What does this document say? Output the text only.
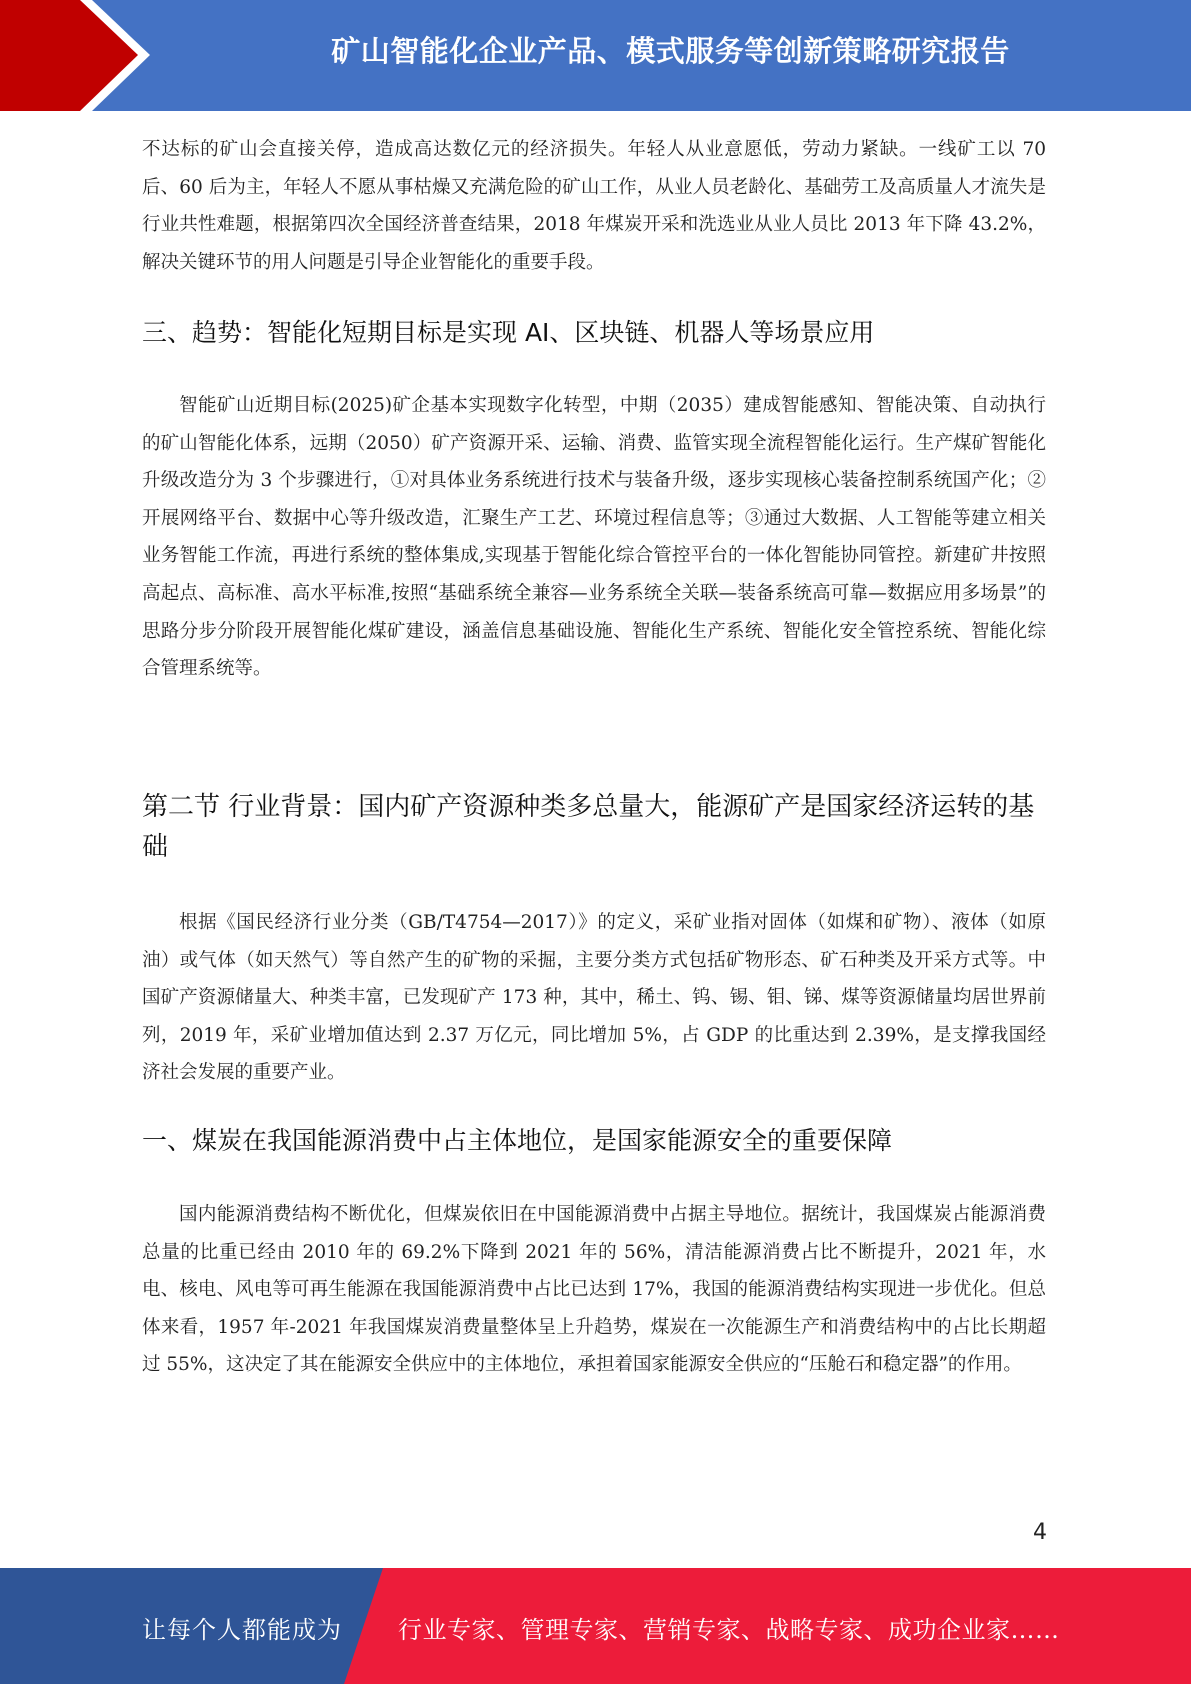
矿山智能化企业产品、模式服务等创新策略研究报告

不达标的矿山会直接关停，造成高达数亿元的经济损失。年轻人从业意愿低，劳动力紧缺。一线矿工以 70 后、60 后为主，年轻人不愿从事枯燥又充满危险的矿山工作，从业人员老龄化、基础劳工及高质量人才流失是行业共性难题，根据第四次全国经济普查结果，2018 年煤炭开采和洗选业从业人员比 2013 年下降 43.2%，解决关键环节的用人问题是引导企业智能化的重要手段。

三、趋势：智能化短期目标是实现 AI、区块链、机器人等场景应用

智能矿山近期目标(2025)矿企基本实现数字化转型，中期（2035）建成智能感知、智能决策、自动执行的矿山智能化体系，远期（2050）矿产资源开采、运输、消费、监管实现全流程智能化运行。生产煤矿智能化升级改造分为 3 个步骤进行，①对具体业务系统进行技术与装备升级，逐步实现核心装备控制系统国产化；②开展网络平台、数据中心等升级改造，汇聚生产工艺、环境过程信息等；③通过大数据、人工智能等建立相关业务智能工作流，再进行系统的整体集成,实现基于智能化综合管控平台的一体化智能协同管控。新建矿井按照高起点、高标准、高水平标准,按照“基础系统全兼容—业务系统全关联—装备系统高可靠—数据应用多场景”的思路分步分阶段开展智能化煤矿建设，涵盖信息基础设施、智能化生产系统、智能化安全管控系统、智能化综合管理系统等。

第二节 行业背景：国内矿产资源种类多总量大，能源矿产是国家经济运转的基础

根据《国民经济行业分类（GB/T4754—2017）》的定义，采矿业指对固体（如煤和矿物）、液体（如原油）或气体（如天然气）等自然产生的矿物的采掘，主要分类方式包括矿物形态、矿石种类及开采方式等。中国矿产资源储量大、种类丰富，已发现矿产 173 种，其中，稀土、钨、锡、钼、锑、煤等资源储量均居世界前列，2019 年，采矿业增加值达到 2.37 万亿元，同比增加 5%，占 GDP 的比重达到 2.39%，是支撑我国经济社会发展的重要产业。

一、煤炭在我国能源消费中占主体地位，是国家能源安全的重要保障

国内能源消费结构不断优化，但煤炭依旧在中国能源消费中占据主导地位。据统计，我国煤炭占能源消费总量的比重已经由 2010 年的 69.2%下降到 2021 年的 56%，清洁能源消费占比不断提升，2021 年，水电、核电、风电等可再生能源在我国能源消费中占比已达到 17%，我国的能源消费结构实现进一步优化。但总体来看，1957 年-2021 年我国煤炭消费量整体呈上升趋势，煤炭在一次能源生产和消费结构中的占比长期超过 55%，这决定了其在能源安全供应中的主体地位，承担着国家能源安全供应的“压舱石和稳定器”的作用。

4
让每个人都能成为 行业专家、管理专家、营销专家、战略专家、成功企业家……
